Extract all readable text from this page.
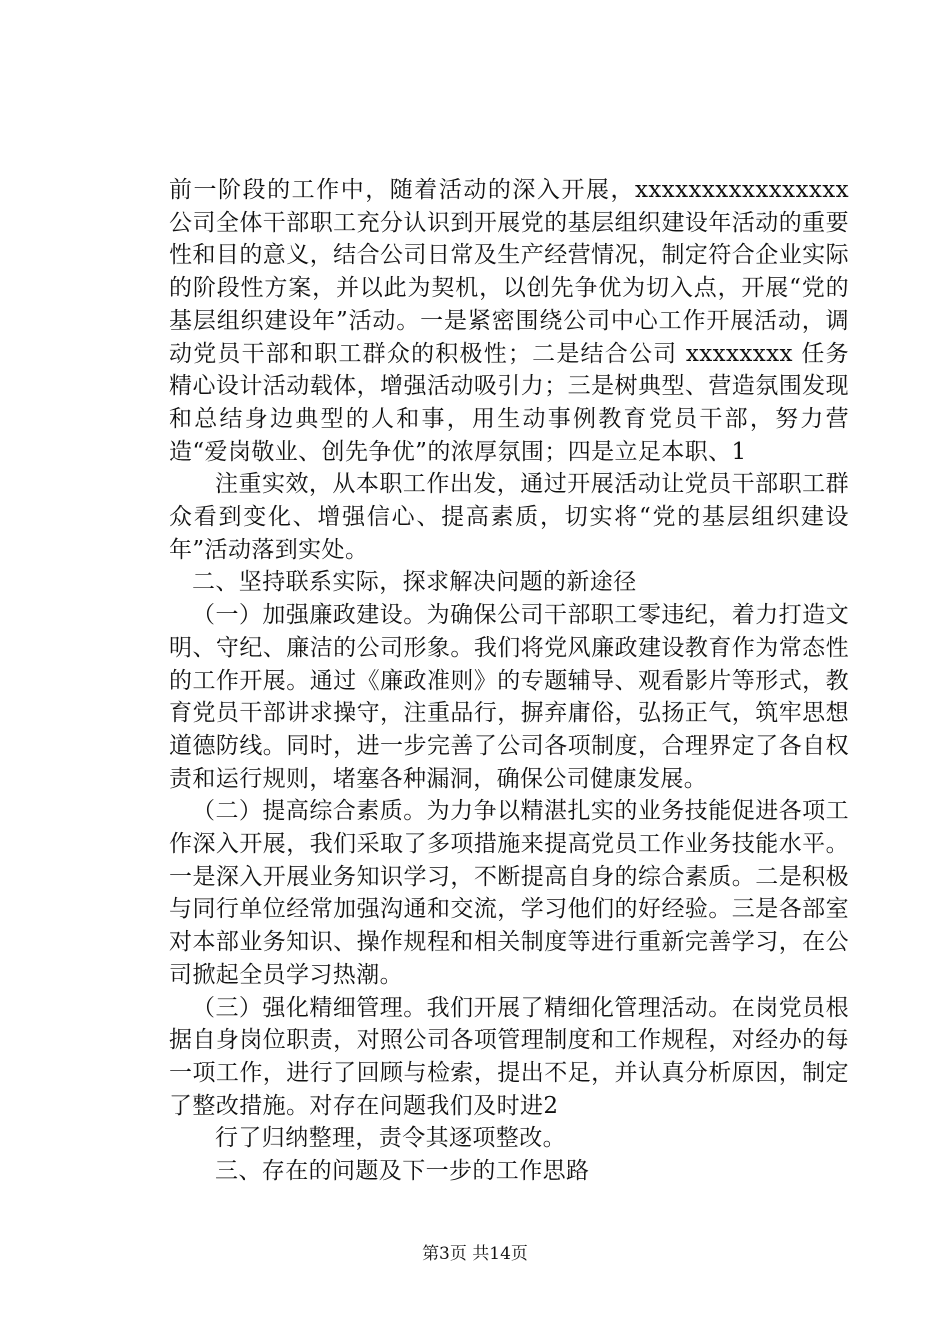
前一阶段的工作中，随着活动的深入开展，xxxxxxxxxxxxxxxx公司全体干部职工充分认识到开展党的基层组织建设年活动的重要性和目的意义，结合公司日常及生产经营情况，制定符合企业实际的阶段性方案，并以此为契机，以创先争优为切入点，开展“党的基层组织建设年”活动。一是紧密围绕公司中心工作开展活动，调动党员干部和职工群众的积极性；二是结合公司 xxxxxxxx 任务精心设计活动载体，增强活动吸引力；三是树典型、营造氛围发现和总结身边典型的人和事，用生动事例教育党员干部，努力营造“爱岗敬业、创先争优”的浓厚氛围；四是立足本职、1

注重实效，从本职工作出发，通过开展活动让党员干部职工群众看到变化、增强信心、提高素质，切实将“党的基层组织建设年”活动落到实处。

二、坚持联系实际，探求解决问题的新途径

（一）加强廉政建设。为确保公司干部职工零违纪，着力打造文明、守纪、廉洁的公司形象。我们将党风廉政建设教育作为常态性的工作开展。通过《廉政准则》的专题辅导、观看影片等形式，教育党员干部讲求操守，注重品行，摒弃庸俗，弘扬正气，筑牢思想道德防线。同时，进一步完善了公司各项制度，合理界定了各自权责和运行规则，堵塞各种漏洞，确保公司健康发展。

（二）提高综合素质。为力争以精湛扎实的业务技能促进各项工作深入开展，我们采取了多项措施来提高党员工作业务技能水平。一是深入开展业务知识学习，不断提高自身的综合素质。二是积极与同行单位经常加强沟通和交流，学习他们的好经验。三是各部室对本部业务知识、操作规程和相关制度等进行重新完善学习，在公司掀起全员学习热潮。

（三）强化精细管理。我们开展了精细化管理活动。在岗党员根据自身岗位职责，对照公司各项管理制度和工作规程，对经办的每一项工作，进行了回顾与检索，提出不足，并认真分析原因，制定了整改措施。对存在问题我们及时进2

行了归纳整理，责令其逐项整改。

三、存在的问题及下一步的工作思路

第3页 共14页
